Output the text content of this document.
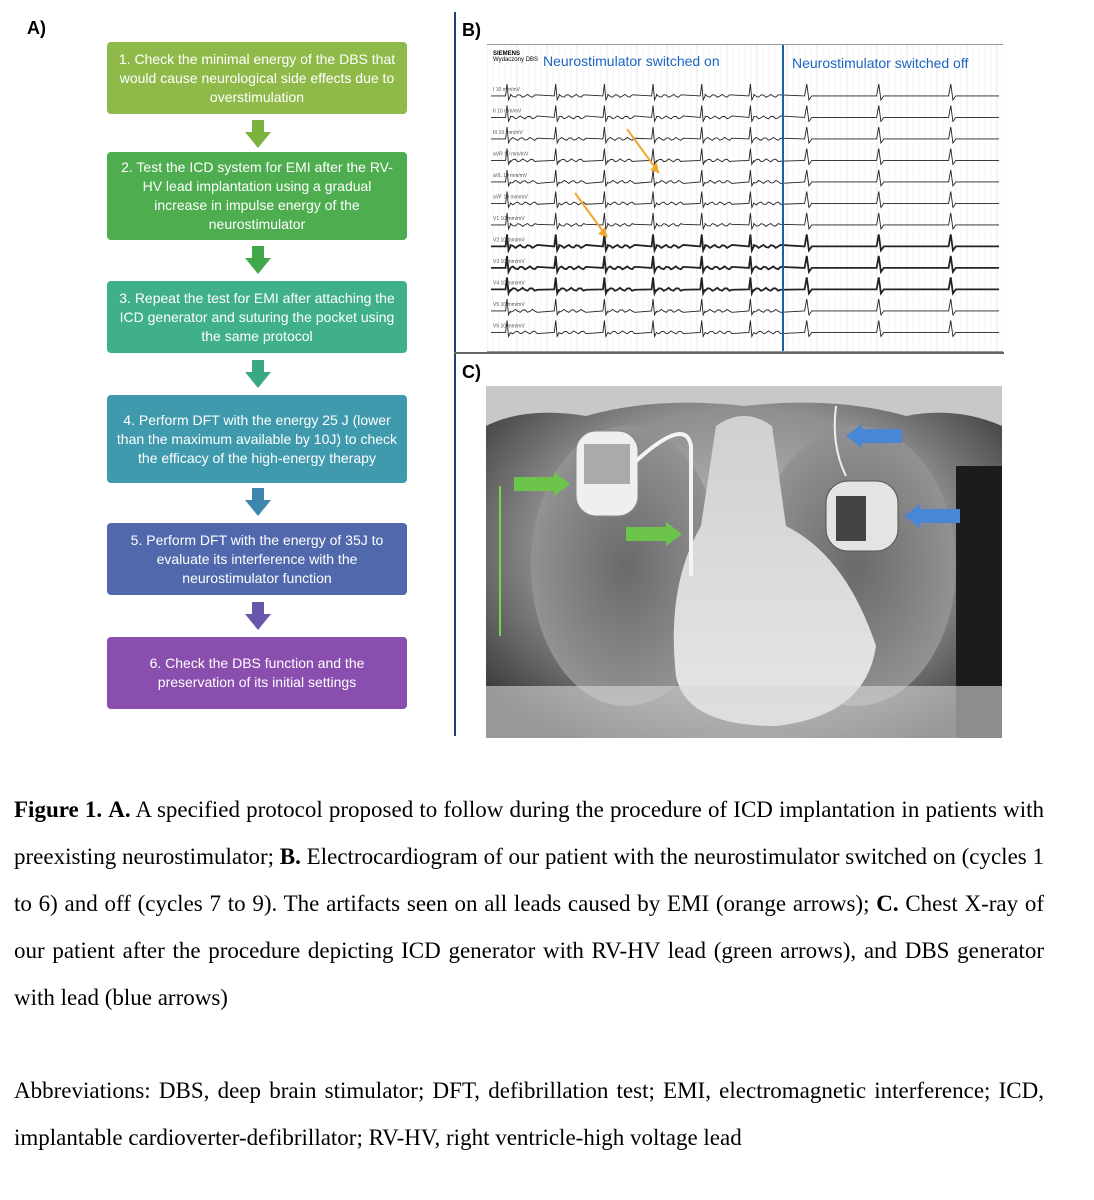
A)	B)
C)
1. Check the minimal energy of the DBS that would cause neurological side effects due to overstimulation
2. Test the ICD system for EMI after the RV-HV lead implantation using a gradual increase in impulse energy of the neurostimulator
3. Repeat the test for EMI after attaching the ICD generator and suturing the pocket using the same protocol
4. Perform DFT with the energy 25 J (lower than the maximum available by 10J) to check the efficacy of the high-energy therapy
5. Perform DFT with the energy of 35J to evaluate its interference with the neurostimulator function
6. Check the DBS function and the preservation of its initial settings
I 10 mm/mV
II 10 mm/mV
III 10 mm/mV
aVR 10 mm/mV
aVL 10 mm/mV
aVF 10 mm/mV
V1 10 mm/mV
V2 10 mm/mV
V3 10 mm/mV
V4 10 mm/mV
V5 10 mm/mV
V6 10 mm/mV
SIEMENS
Wydaczony DBS Neurostimulator switched on	Neurostimulator switched off

Figure 1. A. A specified protocol proposed to follow during the procedure of ICD implantation in patients with preexisting neurostimulator; B. Electrocardiogram of our patient with the neurostimulator switched on (cycles 1 to 6) and off (cycles 7 to 9). The artifacts seen on all leads caused by EMI (orange arrows); C. Chest X-ray of our patient after the procedure depicting ICD generator with RV-HV lead (green arrows), and DBS generator with lead (blue arrows)

Abbreviations: DBS, deep brain stimulator; DFT, defibrillation test; EMI, electromagnetic interference; ICD, implantable cardioverter-defibrillator; RV-HV, right ventricle-high voltage lead
